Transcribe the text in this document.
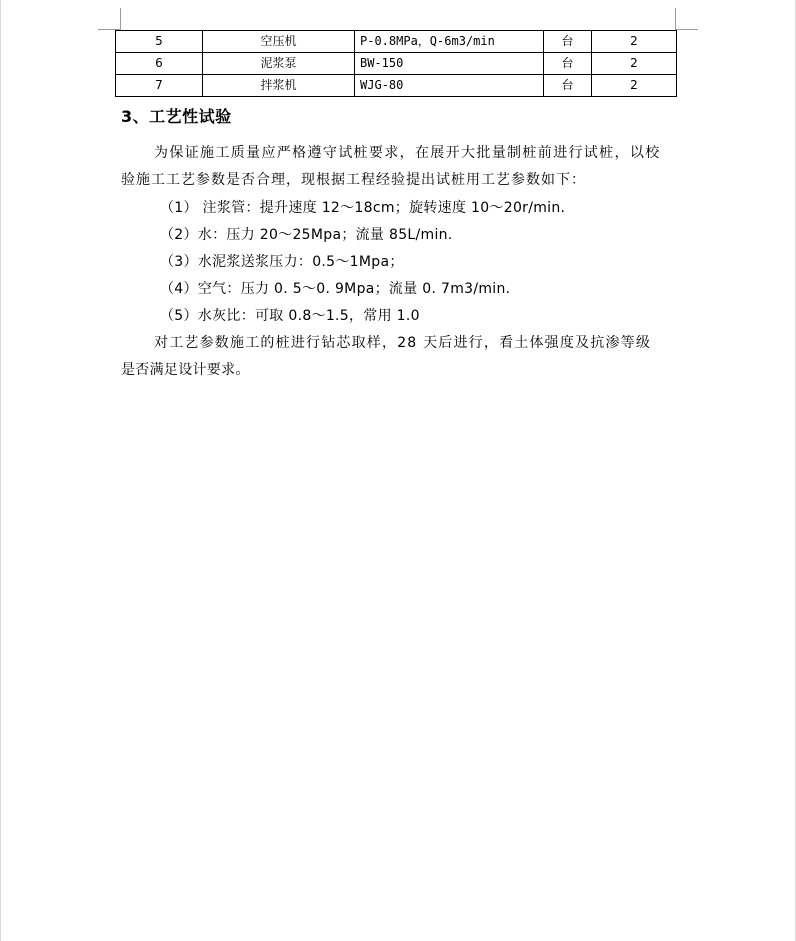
5	空压机	P-0.8MPa，Q-6m3/min	台	2
6	泥浆泵	BW-150	台	2
7	拌浆机	WJG-80	台	2
3、工艺性试验
为保证施工质量应严格遵守试桩要求，在展开大批量制桩前进行试桩，以校
验施工工艺参数是否合理，现根据工程经验提出试桩用工艺参数如下：
（1） 注浆管：提升速度 12～18cm；旋转速度 10～20r/min.
（2）水：压力 20～25Mpa；流量 85L/min.
（3）水泥浆送浆压力：0.5～1Mpa；
（4）空气：压力 0. 5～0. 9Mpa；流量 0. 7m3/min.
（5）水灰比：可取 0.8～1.5，常用 1.0
对工艺参数施工的桩进行钻芯取样，28 天后进行，看土体强度及抗渗等级
是否满足设计要求。
